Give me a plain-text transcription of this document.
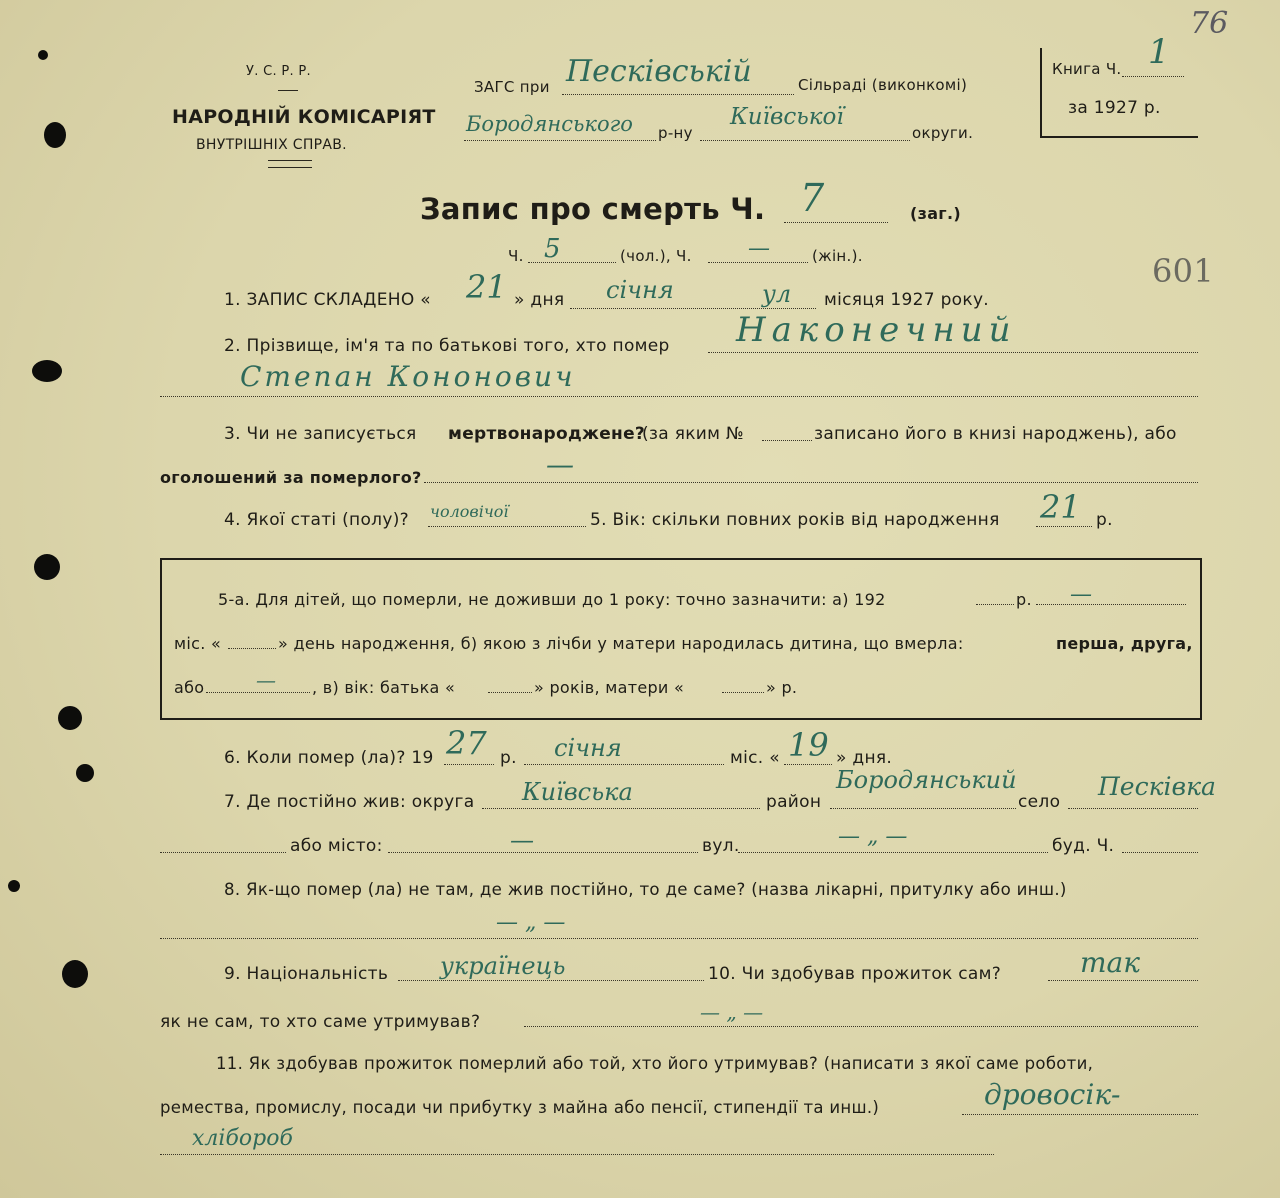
У. С. Р. Р.
НАРОДНІЙ КОМІСАРІЯТ
ВНУТРІШНІХ СПРАВ.
ЗАГС при Пеcківській	Сільраді (виконкомі)
Бородянського р-ну
Київської
округи.
Книга Ч. 1
76
за 1927 р.
601
Запис про смерть Ч. 7	(заг.)
Ч. 5	(чол.), Ч.	—	(жін.).
1. ЗАПИС СКЛАДЕНО « 21 » дня січня	ул місяця 1927 року.
2. Прізвище, ім'я та по батькові того, хто помер Наконечний
Степан Кононович
3. Чи не записується мертвонароджене?
(за яким №	записано його в книзі народжень), або
оголошений за померлого?	—
4. Якої статі (полу)? чоловічої	5. Вік: скільки повних років від народження 21 р.
5-а. Для дітей, що померли, не доживши до 1 року: точно зазначити: а) 192	р. —
міс. «	» день народження, б) якою з лічби у матери народилась дитина, що вмерла:	перша, друга,
або	— , в) вік: батька «	» років, матери «	» р.
6. Коли помер (ла)? 19 27 р. січня	міс. « 19 » дня.
7. Де постійно жив: округа Київська	район
Бородянський
село
Пеcківка
або місто:	—	вул.	— „ —	буд. Ч.
8. Як-що помер (ла) не там, де жив постійно, то де саме? (назва лікарні, притулку або инш.)
— „ —
9. Національність українець	10. Чи здобував прожиток сам?	так
як не сам, то хто саме утримував?	— „ —
11. Як здобував прожиток померлий або той, хто його утримував? (написати з якої саме роботи,
ремества, промислу, посади чи прибутку з майна або пенсії, стипендії та инш.)	дровосік-
хлібороб
